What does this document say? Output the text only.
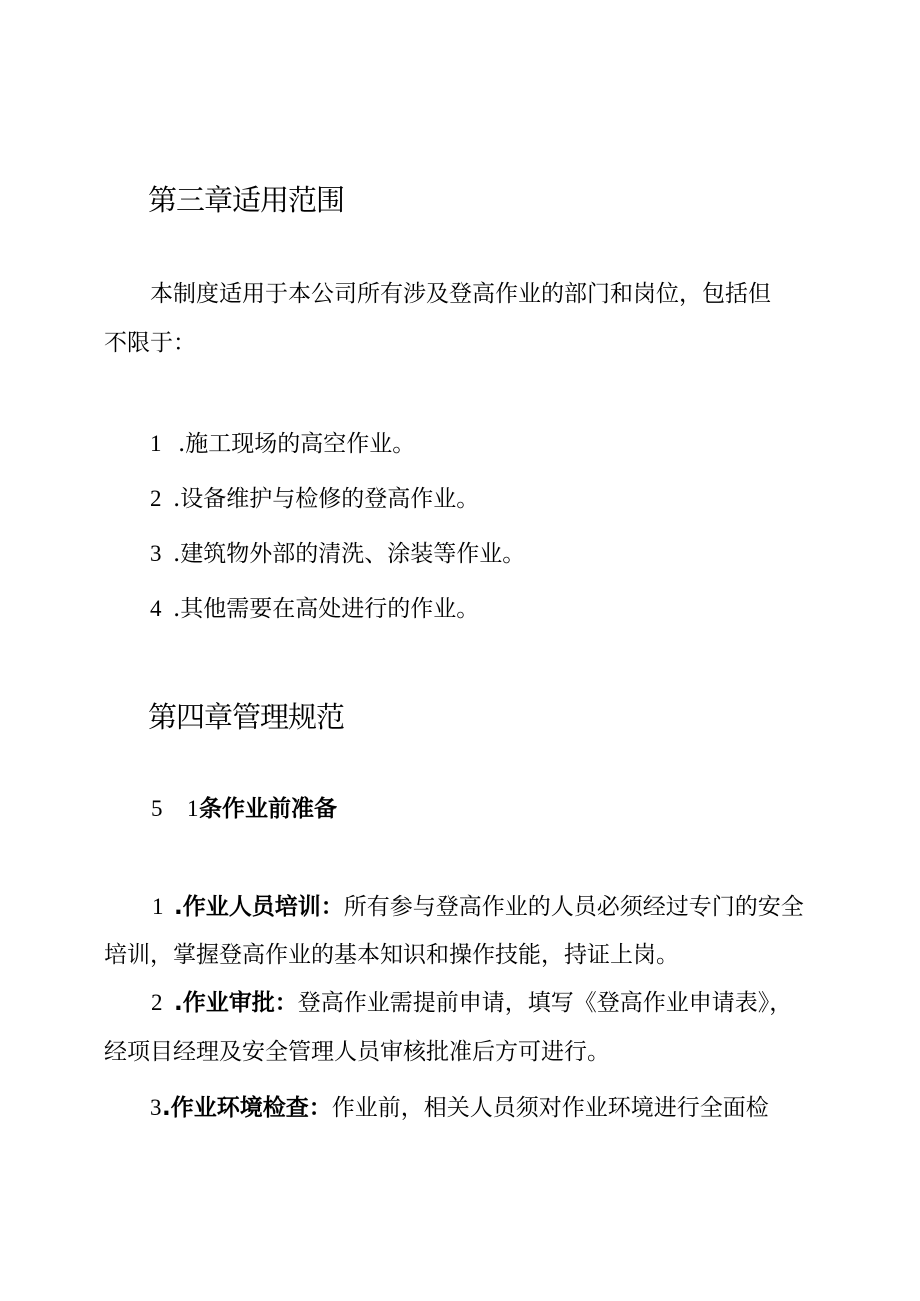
第三章适用范围
本制度适用于本公司所有涉及登高作业的部门和岗位，包括但
不限于：
1 .施工现场的高空作业。
2 .设备维护与检修的登高作业。
3 .建筑物外部的清洗、涂装等作业。
4 .其他需要在高处进行的作业。
第四章管理规范
5 1条作业前准备
1 .作业人员培训：所有参与登高作业的人员必须经过专门的安全
培训，掌握登高作业的基本知识和操作技能，持证上岗。
2 .作业审批：登高作业需提前申请，填写《登高作业申请表》，
经项目经理及安全管理人员审核批准后方可进行。
3.作业环境检查：作业前，相关人员须对作业环境进行全面检
